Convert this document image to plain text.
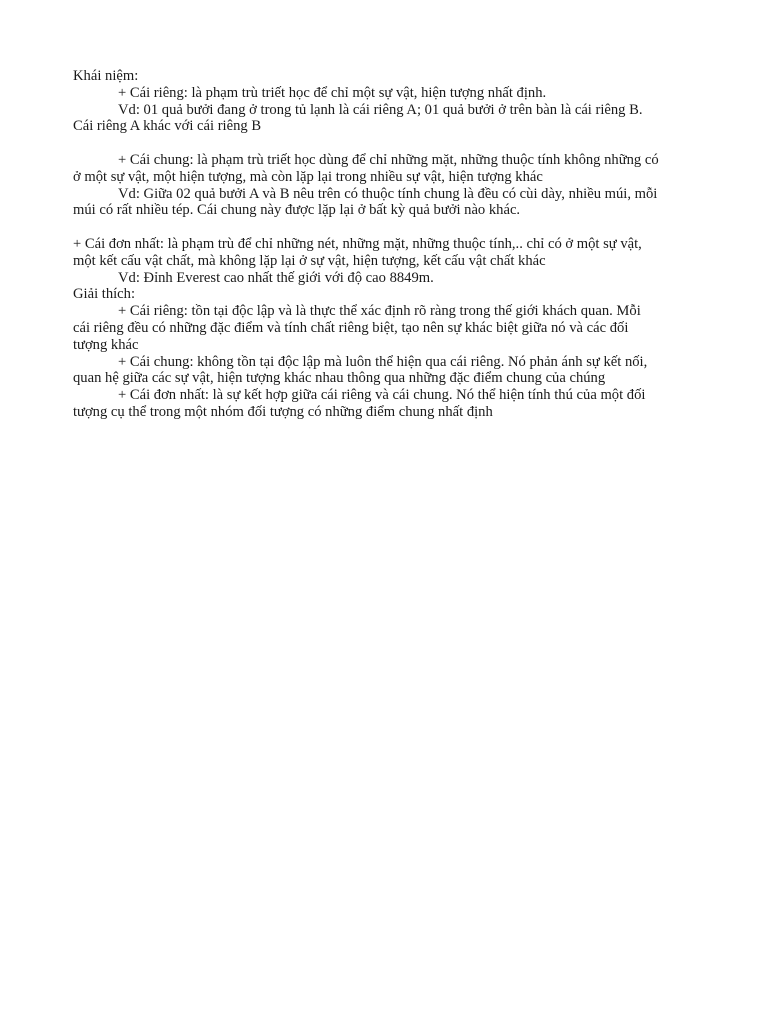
Khái niệm:
+ Cái riêng: là phạm trù triết học để chỉ một sự vật, hiện tượng nhất định.
Vd: 01 quả bưởi đang ở trong tủ lạnh là cái riêng A; 01 quả bưởi ở trên bàn là cái riêng B.
Cái riêng A khác với cái riêng B
+ Cái chung: là phạm trù triết học dùng để chỉ những mặt, những thuộc tính không những có
ở một sự vật, một hiện tượng, mà còn lặp lại trong nhiều sự vật, hiện tượng khác
Vd: Giữa 02 quả bưởi A và B nêu trên có thuộc tính chung là đều có cùi dày, nhiều múi, mỗi
múi có rất nhiều tép. Cái chung này được lặp lại ở bất kỳ quả bưởi nào khác.
+ Cái đơn nhất: là phạm trù để chỉ những nét, những mặt, những thuộc tính,.. chỉ có ở một sự vật,
một kết cấu vật chất, mà không lặp lại ở sự vật, hiện tượng, kết cấu vật chất khác
Vd: Đỉnh Everest cao nhất thế giới với độ cao 8849m.
Giải thích:
+ Cái riêng: tồn tại độc lập và là thực thể xác định rõ ràng trong thế giới khách quan. Mỗi
cái riêng đều có những đặc điểm và tính chất riêng biệt, tạo nên sự khác biệt giữa nó và các đối
tượng khác
+ Cái chung: không tồn tại độc lập mà luôn thể hiện qua cái riêng. Nó phản ánh sự kết nối,
quan hệ giữa các sự vật, hiện tượng khác nhau thông qua những đặc điểm chung của chúng
+ Cái đơn nhất: là sự kết hợp giữa cái riêng và cái chung. Nó thể hiện tính thú của một đối
tượng cụ thể trong một nhóm đối tượng có những điểm chung nhất định
